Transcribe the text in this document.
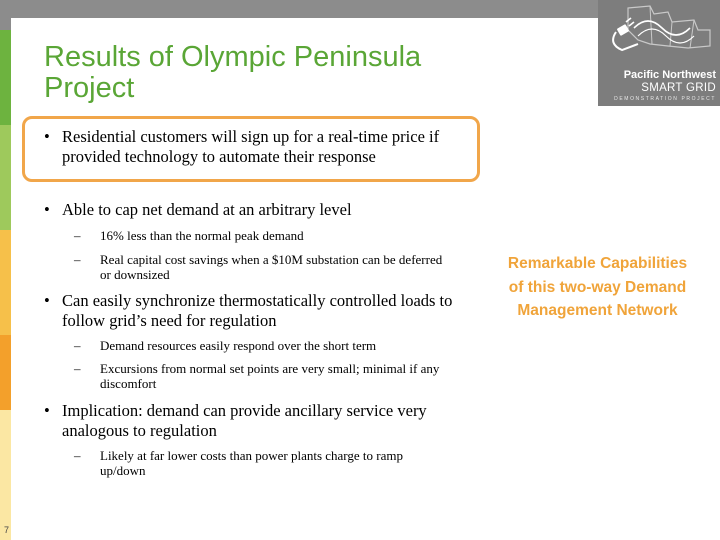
Pacific Northwest
SMART GRID
DEMONSTRATION PROJECT
Results of Olympic Peninsula Project
• Residential customers will sign up for a real-time price if provided technology to automate their response
• Able to cap net demand at an arbitrary level
– 16% less than the normal peak demand
– Real capital cost savings when a $10M substation can be deferred or downsized
• Can easily synchronize thermostatically controlled loads to follow grid’s need for regulation
– Demand resources easily respond over the short term
– Excursions from normal set points are very small; minimal if any discomfort
• Implication: demand can provide ancillary service very analogous to regulation
– Likely at far lower costs than power plants charge to ramp up/down
Remarkable Capabilities of this two-way Demand Management Network
7
